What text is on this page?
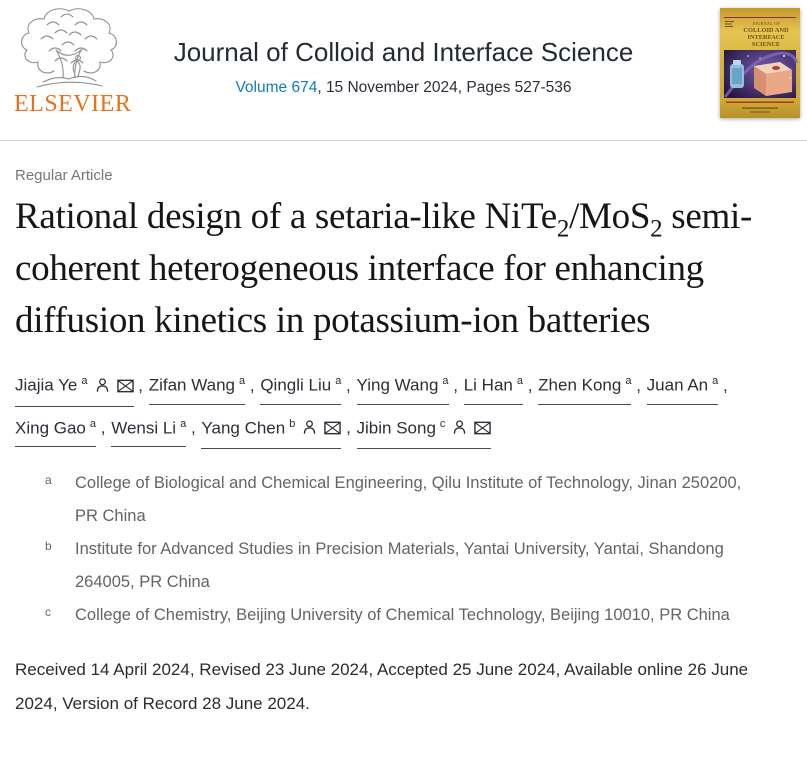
ELSEVIER
Journal of Colloid and Interface Science
Volume 674, 15 November 2024, Pages 527-536
JOURNAL OF
COLLOID AND
INTERFACE
SCIENCE
Regular Article
Rational design of a setaria-like NiTe$_2$/MoS$_2$ semi-coherent heterogeneous interface for enhancing diffusion kinetics in potassium-ion batteries

Jiajia Ye $^a$	, Zifan Wang $^a$ , Qingli Liu $^a$ , Ying Wang $^a$ , Li Han $^a$ , Zhen Kong $^a$ , Juan An $^a$ , Xing Gao $^a$ , Wensi Li $^a$ , Yang Chen $^b$	, Jibin Song $^c$

a	College of Biological and Chemical Engineering, Qilu Institute of Technology, Jinan 250200, PR China
b	Institute for Advanced Studies in Precision Materials, Yantai University, Yantai, Shandong 264005, PR China
c	College of Chemistry, Beijing University of Chemical Technology, Beijing 10010, PR China

Received 14 April 2024, Revised 23 June 2024, Accepted 25 June 2024, Available online 26 June 2024, Version of Record 28 June 2024.
